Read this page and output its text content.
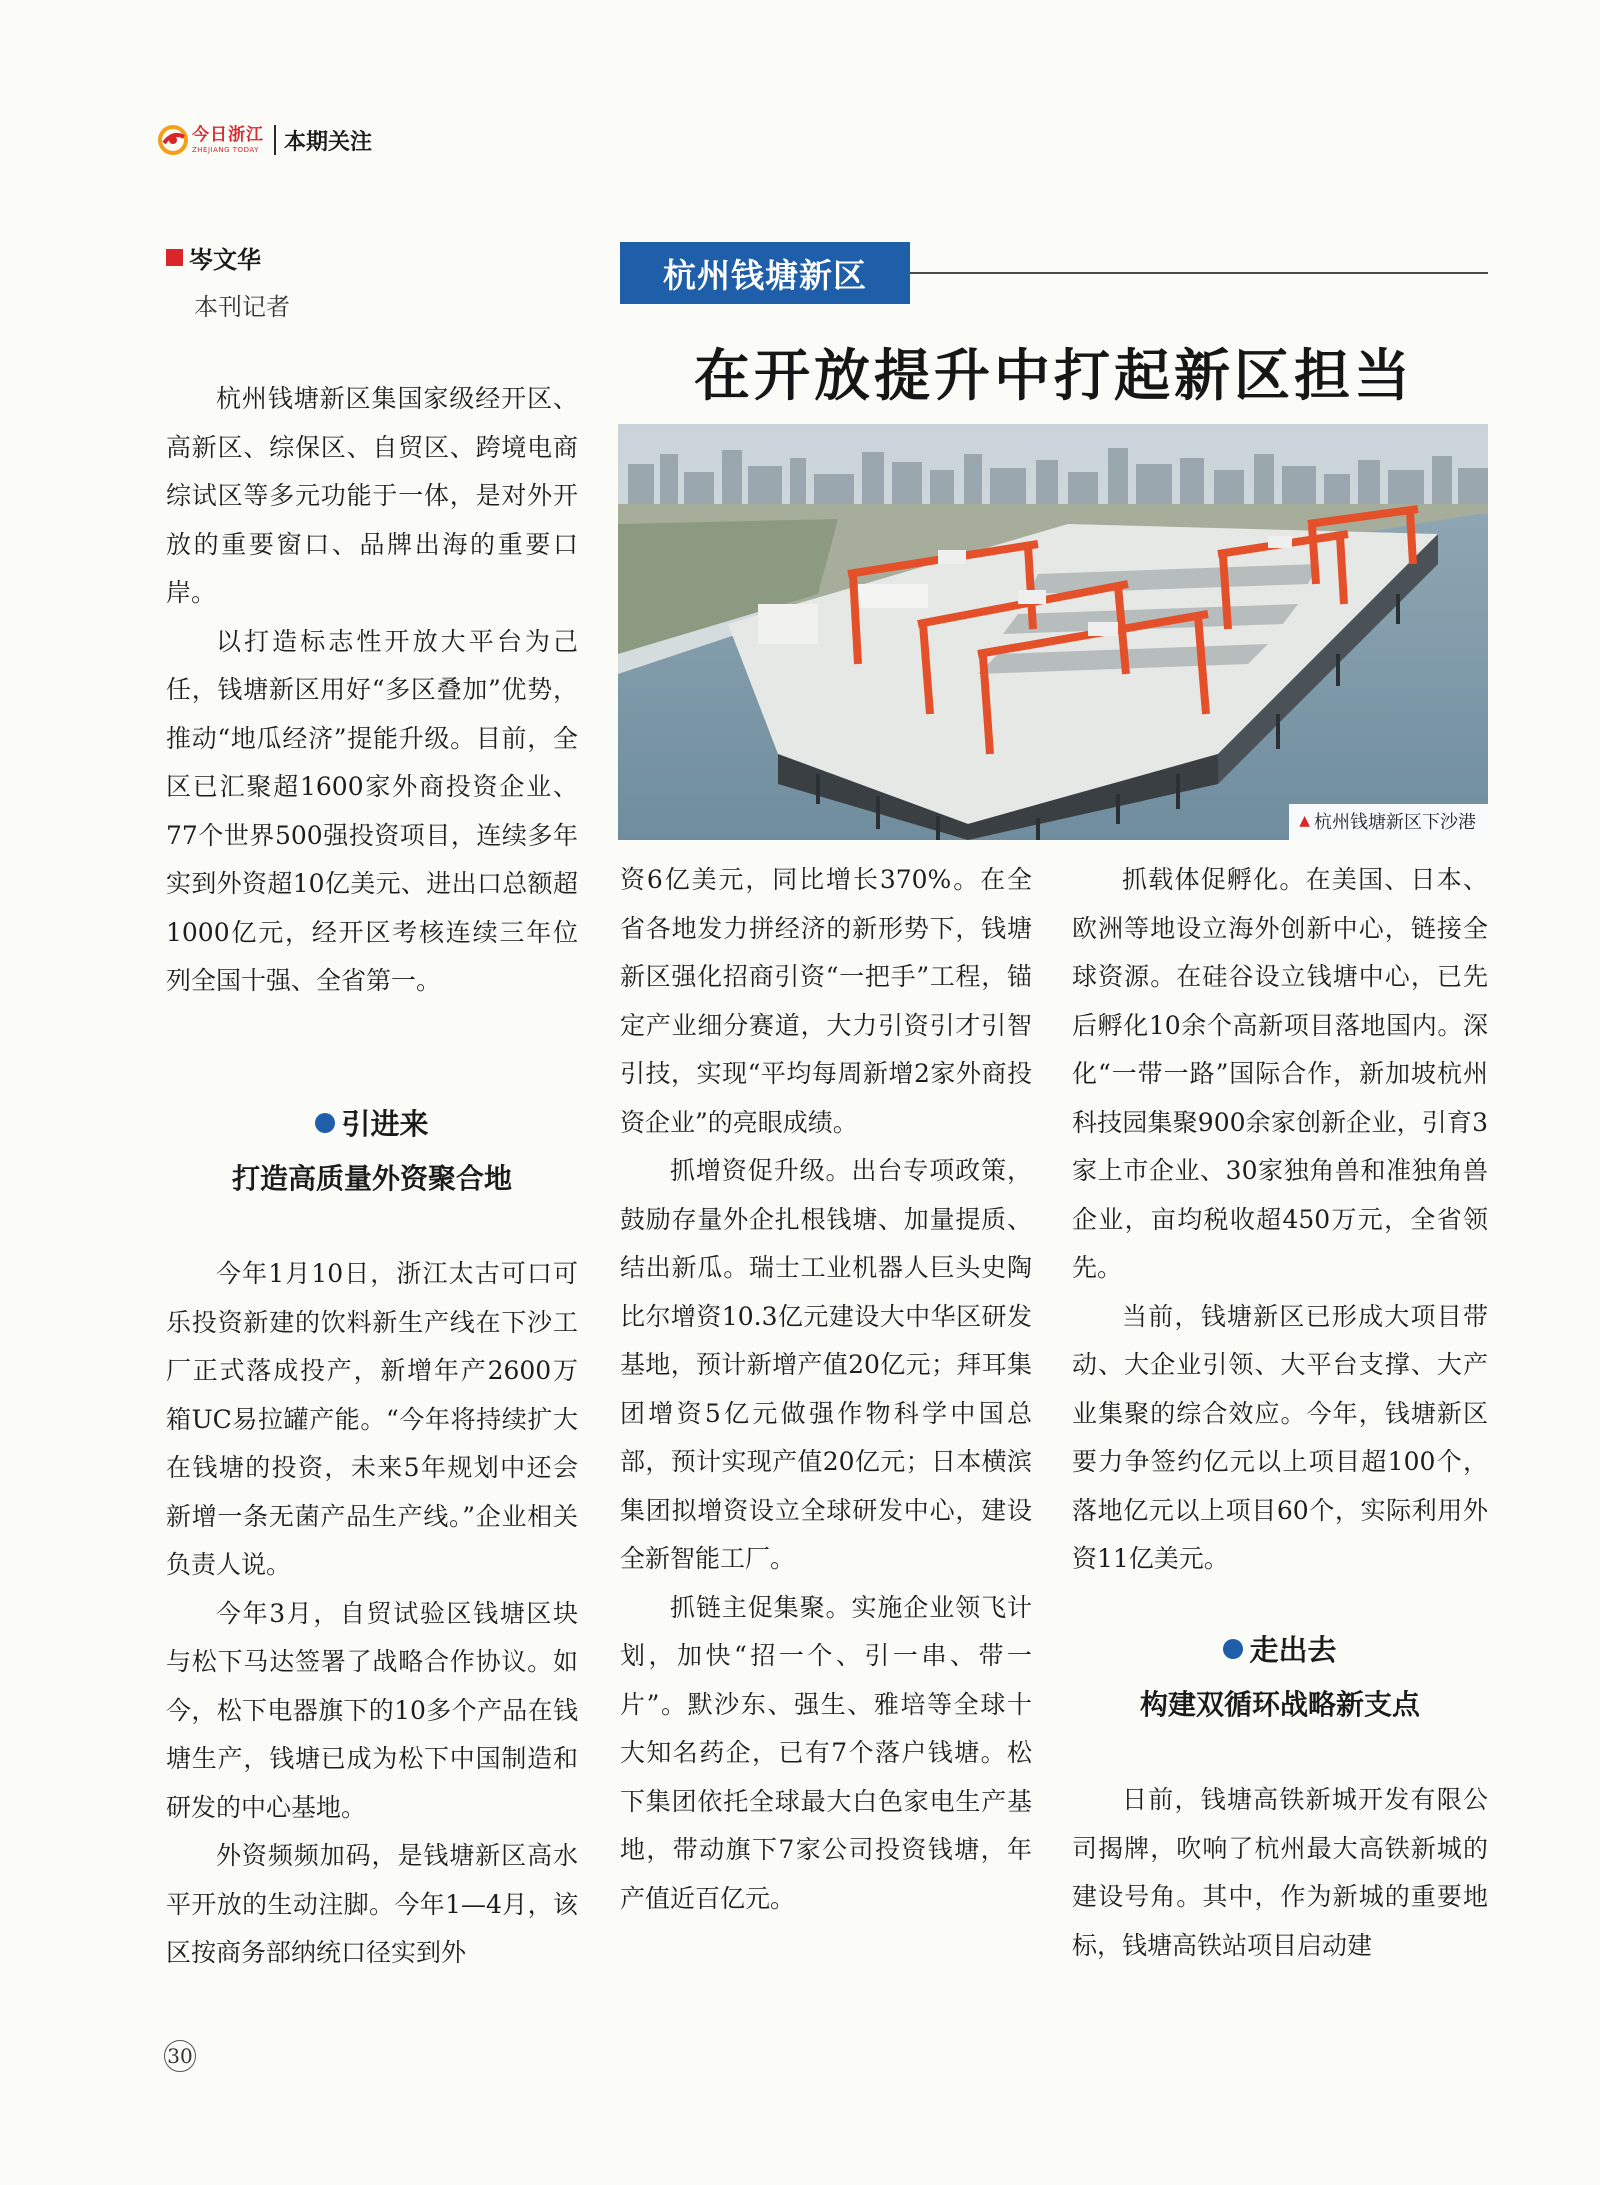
今日浙江
ZHEJIANG TODAY 本期关注
岑文华
本刊记者
杭州钱塘新区
在开放提升中打起新区担当
▲ 杭州钱塘新区下沙港

杭州钱塘新区集国家级经开区、高新区、综保区、自贸区、跨境电商综试区等多元功能于一体，是对外开放的重要窗口、品牌出海的重要口岸。

以打造标志性开放大平台为己任，钱塘新区用好“多区叠加”优势，推动“地瓜经济”提能升级。目前，全区已汇聚超1600家外商投资企业、77个世界500强投资项目，连续多年实到外资超10亿美元、进出口总额超1000亿元，经开区考核连续三年位列全国十强、全省第一。

引进来
打造高质量外资聚合地

今年1月10日，浙江太古可口可乐投资新建的饮料新生产线在下沙工厂正式落成投产，新增年产2600万箱UC易拉罐产能。“今年将持续扩大在钱塘的投资，未来5年规划中还会新增一条无菌产品生产线。”企业相关负责人说。

今年3月，自贸试验区钱塘区块与松下马达签署了战略合作协议。如今，松下电器旗下的10多个产品在钱塘生产，钱塘已成为松下中国制造和研发的中心基地。

外资频频加码，是钱塘新区高水平开放的生动注脚。今年1—4月，该区按商务部纳统口径实到外

资6亿美元，同比增长370%。在全省各地发力拼经济的新形势下，钱塘新区强化招商引资“一把手”工程，锚定产业细分赛道，大力引资引才引智引技，实现“平均每周新增2家外商投资企业”的亮眼成绩。

抓增资促升级。出台专项政策，鼓励存量外企扎根钱塘、加量提质、结出新瓜。瑞士工业机器人巨头史陶比尔增资10.3亿元建设大中华区研发基地，预计新增产值20亿元；拜耳集团增资5亿元做强作物科学中国总部，预计实现产值20亿元；日本横滨集团拟增资设立全球研发中心，建设全新智能工厂。

抓链主促集聚。实施企业领飞计划，加快“招一个、引一串、带一片”。默沙东、强生、雅培等全球十大知名药企，已有7个落户钱塘。松下集团依托全球最大白色家电生产基地，带动旗下7家公司投资钱塘，年产值近百亿元。

抓载体促孵化。在美国、日本、欧洲等地设立海外创新中心，链接全球资源。在硅谷设立钱塘中心，已先后孵化10余个高新项目落地国内。深化“一带一路”国际合作，新加坡杭州科技园集聚900余家创新企业，引育3家上市企业、30家独角兽和准独角兽企业，亩均税收超450万元，全省领先。

当前，钱塘新区已形成大项目带动、大企业引领、大平台支撑、大产业集聚的综合效应。今年，钱塘新区要力争签约亿元以上项目超100个，落地亿元以上项目60个，实际利用外资11亿美元。

走出去
构建双循环战略新支点

日前，钱塘高铁新城开发有限公司揭牌，吹响了杭州最大高铁新城的建设号角。其中，作为新城的重要地标，钱塘高铁站项目启动建

30
